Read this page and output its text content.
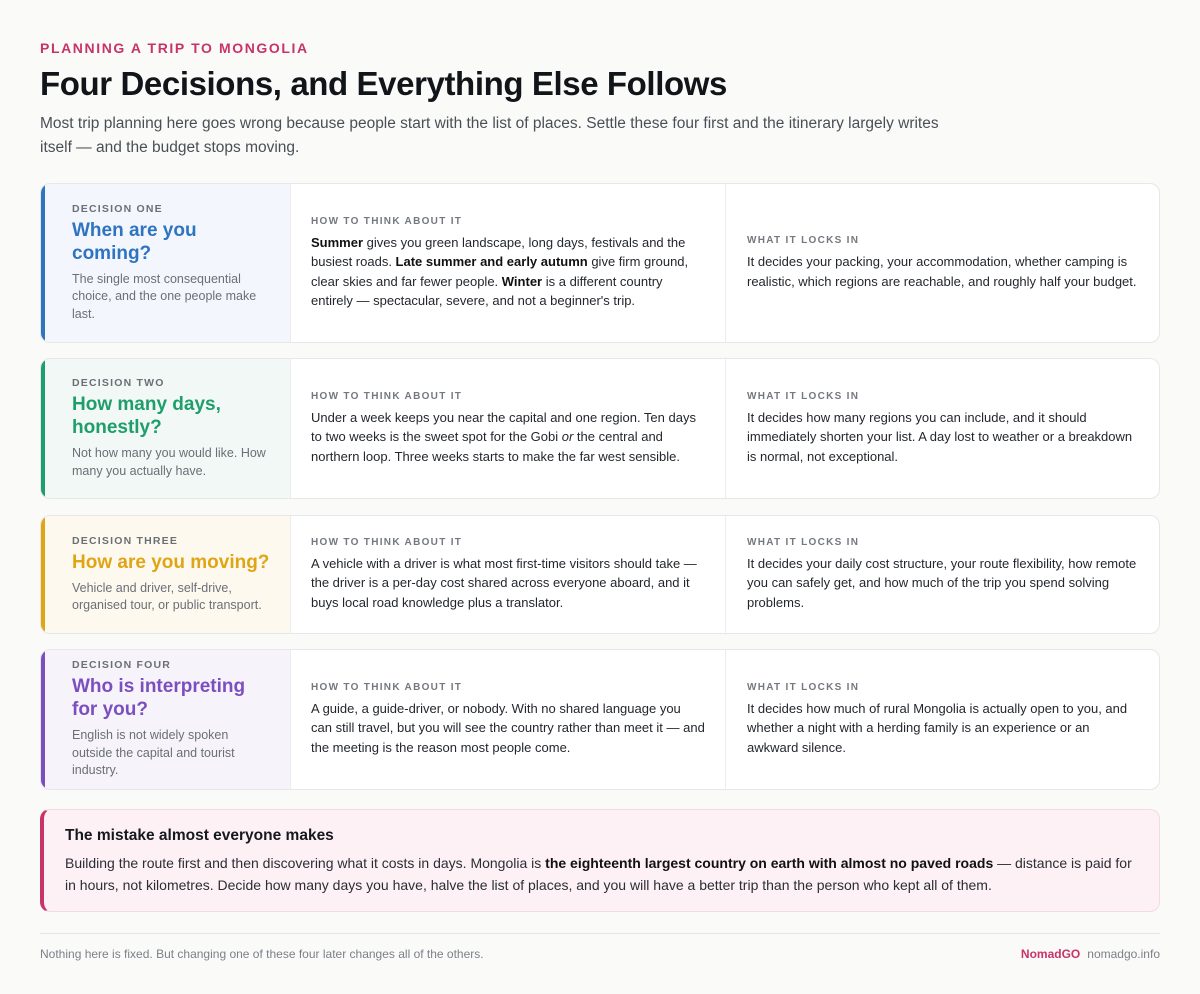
PLANNING A TRIP TO MONGOLIA
Four Decisions, and Everything Else Follows

Most trip planning here goes wrong because people start with the list of places. Settle these four first and the itinerary largely writes itself — and the budget stops moving.

DECISION ONE
When are you coming?
The single most consequential choice, and the one people make last.
HOW TO THINK ABOUT IT
Summer gives you green landscape, long days, festivals and the busiest roads. Late summer and early autumn give firm ground, clear skies and far fewer people. Winter is a different country entirely — spectacular, severe, and not a beginner's trip.
WHAT IT LOCKS IN
It decides your packing, your accommodation, whether camping is realistic, which regions are reachable, and roughly half your budget.
DECISION TWO
How many days, honestly?
Not how many you would like. How many you actually have.
HOW TO THINK ABOUT IT
Under a week keeps you near the capital and one region. Ten days to two weeks is the sweet spot for the Gobi or the central and northern loop. Three weeks starts to make the far west sensible.
WHAT IT LOCKS IN
It decides how many regions you can include, and it should immediately shorten your list. A day lost to weather or a breakdown is normal, not exceptional.
DECISION THREE
How are you moving?
Vehicle and driver, self-drive, organised tour, or public transport.
HOW TO THINK ABOUT IT
A vehicle with a driver is what most first-time visitors should take — the driver is a per-day cost shared across everyone aboard, and it buys local road knowledge plus a translator.
WHAT IT LOCKS IN
It decides your daily cost structure, your route flexibility, how remote you can safely get, and how much of the trip you spend solving problems.
DECISION FOUR
Who is interpreting for you?
English is not widely spoken outside the capital and tourist industry.
HOW TO THINK ABOUT IT
A guide, a guide-driver, or nobody. With no shared language you can still travel, but you will see the country rather than meet it — and the meeting is the reason most people come.
WHAT IT LOCKS IN
It decides how much of rural Mongolia is actually open to you, and whether a night with a herding family is an experience or an awkward silence.
The mistake almost everyone makes
Building the route first and then discovering what it costs in days. Mongolia is the eighteenth largest country on earth with almost no paved roads — distance is paid for in hours, not kilometres. Decide how many days you have, halve the list of places, and you will have a better trip than the person who kept all of them.
Nothing here is fixed. But changing one of these four later changes all of the others.	NomadGO nomadgo.info
